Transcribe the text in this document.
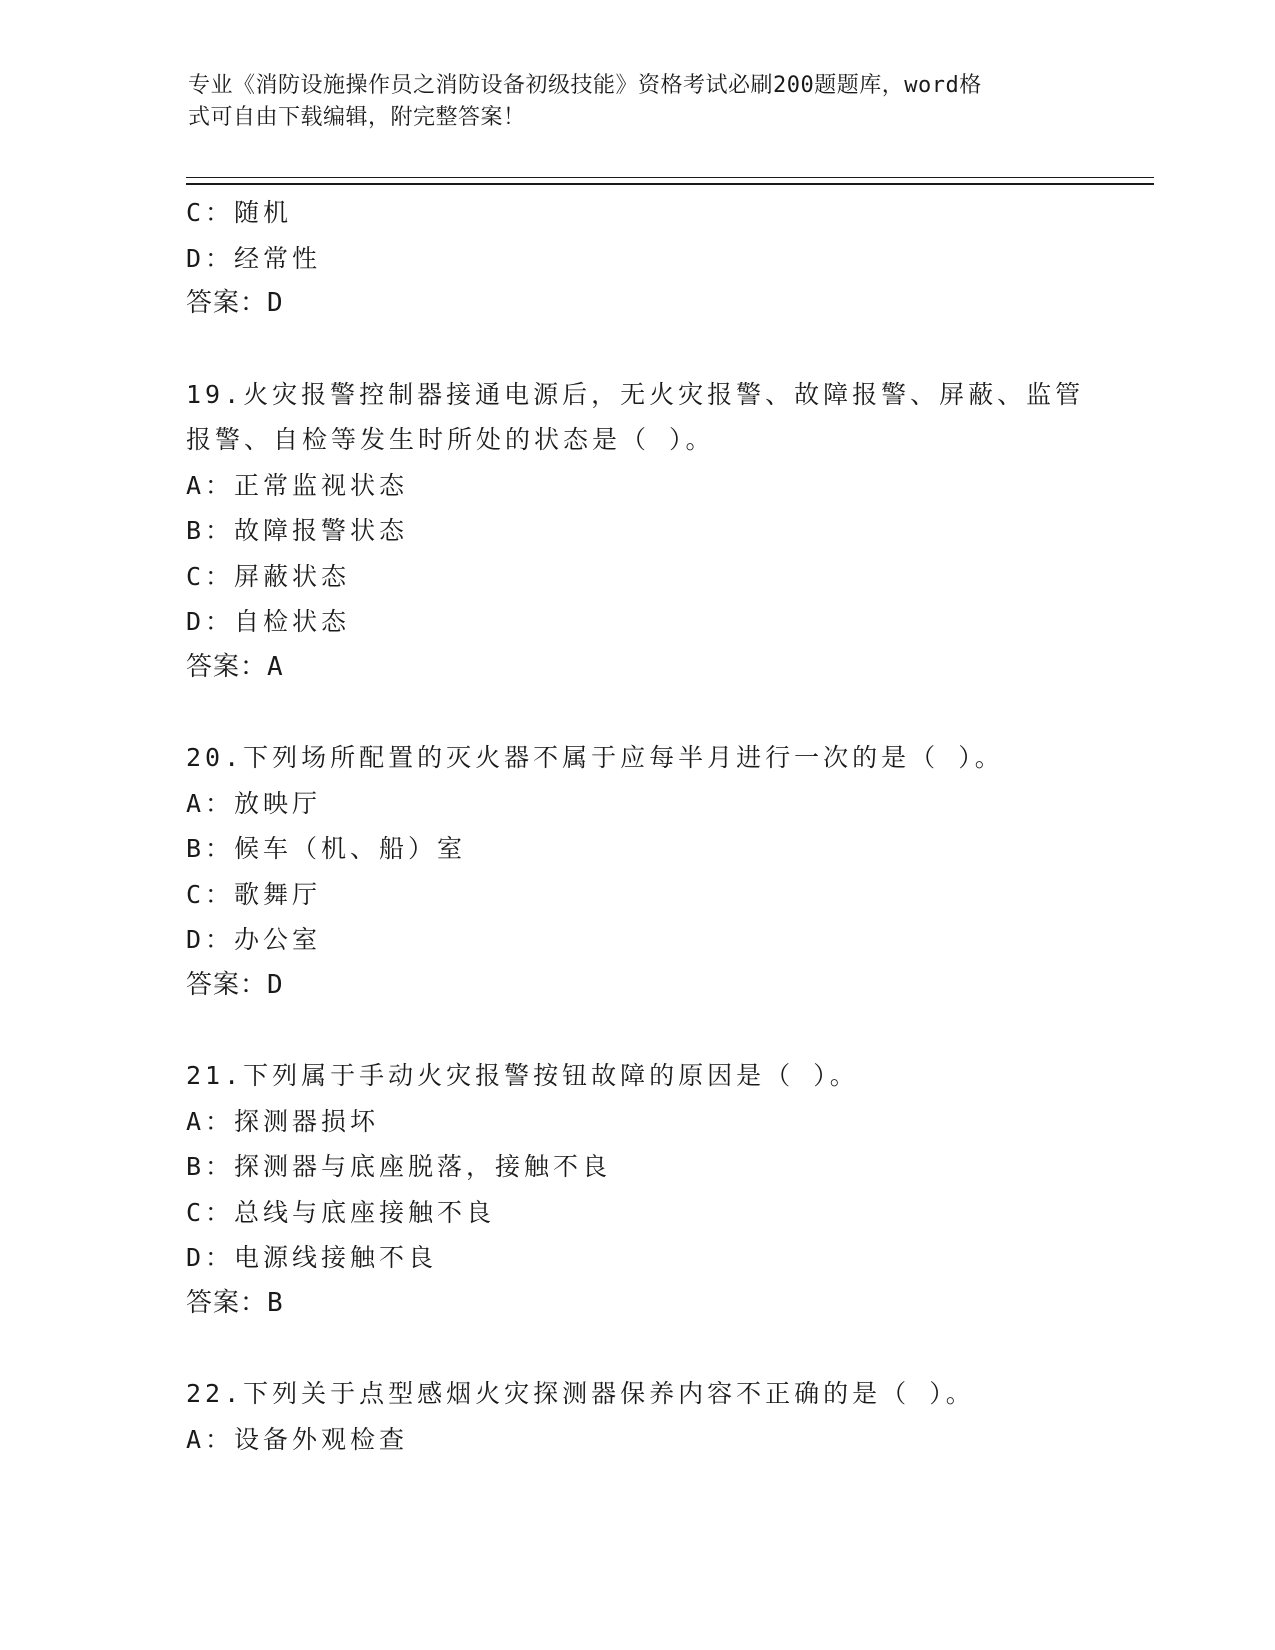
专业《消防设施操作员之消防设备初级技能》资格考试必刷200题题库，word格
式可自由下载编辑，附完整答案！
C：随机
D：经常性
答案：D
19.火灾报警控制器接通电源后，无火灾报警、故障报警、屏蔽、监管
报警、自检等发生时所处的状态是（ ）。
A：正常监视状态
B：故障报警状态
C：屏蔽状态
D：自检状态
答案：A
20.下列场所配置的灭火器不属于应每半月进行一次的是（ ）。
A：放映厅
B：候车（机、船）室
C：歌舞厅
D：办公室
答案：D
21.下列属于手动火灾报警按钮故障的原因是（ ）。
A：探测器损坏
B：探测器与底座脱落，接触不良
C：总线与底座接触不良
D：电源线接触不良
答案：B
22.下列关于点型感烟火灾探测器保养内容不正确的是（ ）。
A：设备外观检查
